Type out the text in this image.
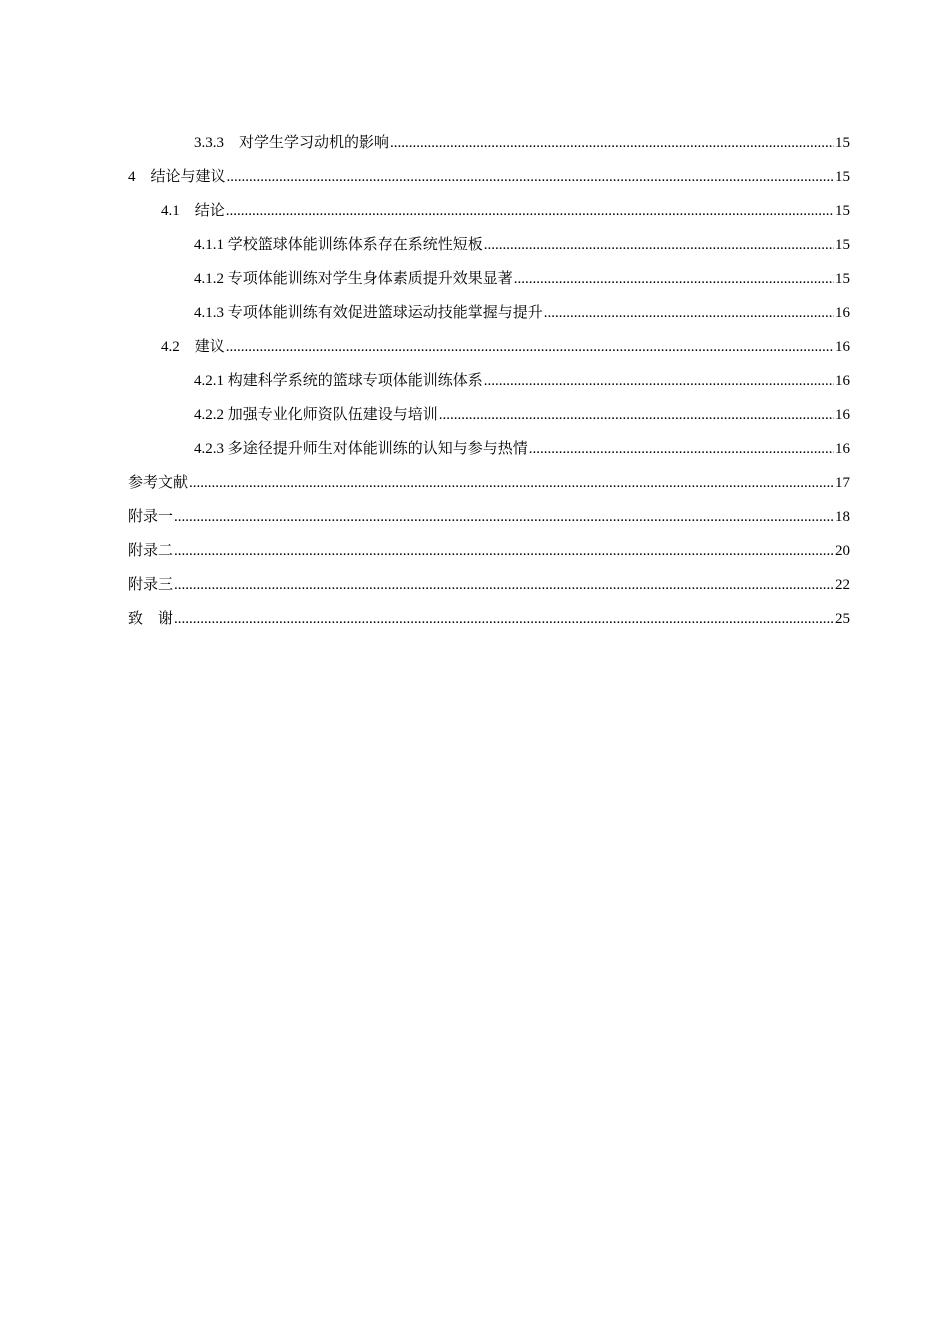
3.3.3　对学生学习动机的影响 .....	15
4　结论与建议 .....	15
4.1　结论 .....	15
4.1.1 学校篮球体能训练体系存在系统性短板 .....	15
4.1.2 专项体能训练对学生身体素质提升效果显著 .....	15
4.1.3 专项体能训练有效促进篮球运动技能掌握与提升 .....	16
4.2　建议 .....	16
4.2.1 构建科学系统的篮球专项体能训练体系 .....	16
4.2.2 加强专业化师资队伍建设与培训 .....	16
4.2.3 多途径提升师生对体能训练的认知与参与热情 .....	16
参考文献 .....	17
附录一 .....	18
附录二 .....	20
附录三 .....	22
致　谢 .....	25
